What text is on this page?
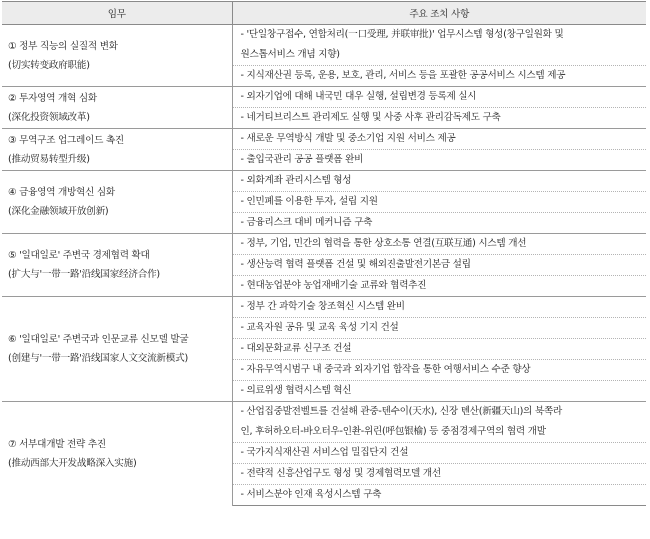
임무	주요 조치 사항

① 정부 직능의 실질적 변화
(切实转变政府职能)	- '단일창구접수, 연합처리(一口受理, 并联审批)' 업무시스템 형성(창구일원화 및
원스톱서비스 개념 지향)

	- 지식재산권 등록, 운용, 보호, 관리, 서비스 등을 포괄한 공공서비스 시스템 제공

② 투자영역 개혁 심화
(深化投资领域改革)	- 외자기업에 대해 내국민 대우 실행, 설립변경 등록제 실시

	- 네거티브리스트 관리제도 실행 및 사중 사후 관리감독제도 구축

③ 무역구조 업그레이드 촉진
(推动贸易转型升级)	- 새로운 무역방식 개발 및 중소기업 지원 서비스 제공

	- 출입국관리 공공 플랫폼 완비

④ 금융영역 개방혁신 심화
(深化金融领域开放创新)	- 외화계좌 관리시스템 형성

	- 인민폐를 이용한 투자, 설립 지원

	- 금융리스크 대비 메커니즘 구축

⑤ '일대일로' 주변국 경제협력 확대
(扩大与'一带一路'沿线国家经济合作)	- 정부, 기업, 민간의 협력을 통한 상호소통 연결(互联互通) 시스템 개선

	- 생산능력 협력 플랫폼 건설 및 해외진출발전기본금 설립

	- 현대농업분야 농업재배기술 교류와 협력추진

⑥ '일대일로' 주변국과 인문교류 신모델 발굴
(创建与'一带一路'沿线国家人文交流新模式)	- 정부 간 과학기술 창조혁신 시스템 완비

	- 교육자원 공유 및 교육 육성 기지 건설

	- 대외문화교류 신구조 건설

	- 자유무역시범구 내 중국과 외자기업 합작을 통한 여행서비스 수준 향상

	- 의료위생 협력시스템 혁신

⑦ 서부대개발 전략 추진
(推动西部大开发战略深入实施)	- 산업집중발전벨트를 건설해 관중-텐수이(天水), 신장 톈산(新疆天山)의 북쪽라
인, 후허하오터-바오터우-인촨-위린(呼包银榆) 등 중점경제구역의 협력 개발

	- 국가지식재산권 서비스업 밀집단지 건설

	- 전략적 신흥산업구도 형성 및 경제협력모델 개선

	- 서비스분야 인재 육성시스템 구축
